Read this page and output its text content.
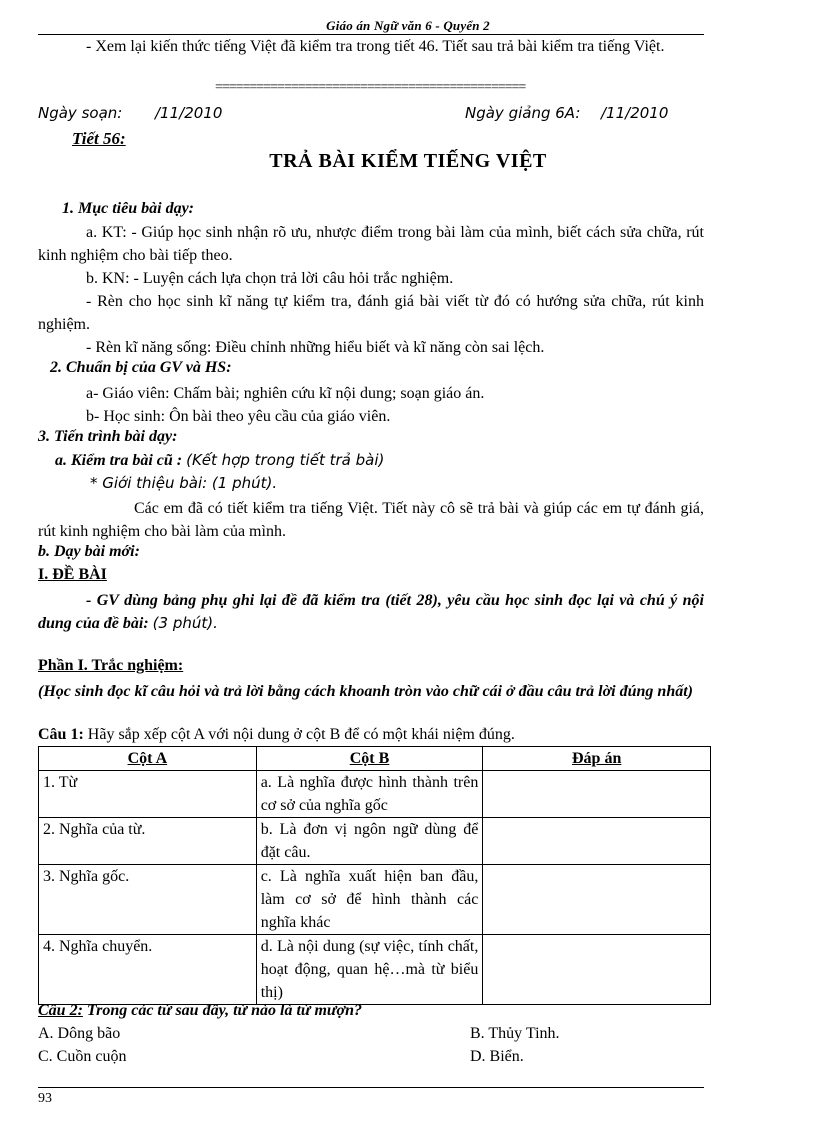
Giáo án Ngữ văn 6 - Quyển 2
- Xem lại kiến thức tiếng Việt đã kiểm tra trong tiết 46. Tiết sau trả bài kiểm tra tiếng Việt.
=============================================
Ngày soạn: /11/2010	Ngày giảng 6A: /11/2010
Tiết 56:
TRẢ BÀI KIỂM TIẾNG VIỆT
1. Mục tiêu bài dạy:
a. KT: - Giúp học sinh nhận rõ ưu, nhược điểm trong bài làm của mình, biết cách sửa chữa, rút kinh nghiệm cho bài tiếp theo.
b. KN: - Luyện cách lựa chọn trả lời câu hỏi trắc nghiệm.
- Rèn cho học sinh kĩ năng tự kiểm tra, đánh giá bài viết từ đó có hướng sửa chữa, rút kinh nghiệm.
- Rèn kĩ năng sống: Điều chỉnh những hiểu biết và kĩ năng còn sai lệch.
2. Chuẩn bị của GV và HS:
a- Giáo viên: Chấm bài; nghiên cứu kĩ nội dung; soạn giáo án.
b- Học sinh: Ôn bài theo yêu cầu của giáo viên.
3. Tiến trình bài dạy:
a. Kiểm tra bài cũ : (Kết hợp trong tiết trả bài)
* Giới thiệu bài: (1 phút).
Các em đã có tiết kiểm tra tiếng Việt. Tiết này cô sẽ trả bài và giúp các em tự đánh giá, rút kinh nghiệm cho bài làm của mình.
b. Dạy bài mới:
I. ĐỀ BÀI
- GV dùng bảng phụ ghi lại đề đã kiểm tra (tiết 28), yêu cầu học sinh đọc lại và chú ý nội dung của đề bài: (3 phút).
Phần I. Trắc nghiệm:
(Học sinh đọc kĩ câu hỏi và trả lời bằng cách khoanh tròn vào chữ cái ở đầu câu trả lời đúng nhất)
Câu 1: Hãy sắp xếp cột A với nội dung ở cột B để có một khái niệm đúng.
Cột A	Cột B	Đáp án
1. Từ	a. Là nghĩa được hình thành trên cơ sở của nghĩa gốc	
2. Nghĩa của từ.	b. Là đơn vị ngôn ngữ dùng để đặt câu.	
3. Nghĩa gốc.	c. Là nghĩa xuất hiện ban đầu, làm cơ sở để hình thành các nghĩa khác	
4. Nghĩa chuyển.	d. Là nội dung (sự việc, tính chất, hoạt động, quan hệ…mà từ biểu thị)	
Câu 2: Trong các từ sau đây, từ nào là từ mượn?
A. Dông bão	B. Thủy Tinh.
C. Cuồn cuộn	D. Biển.
93
